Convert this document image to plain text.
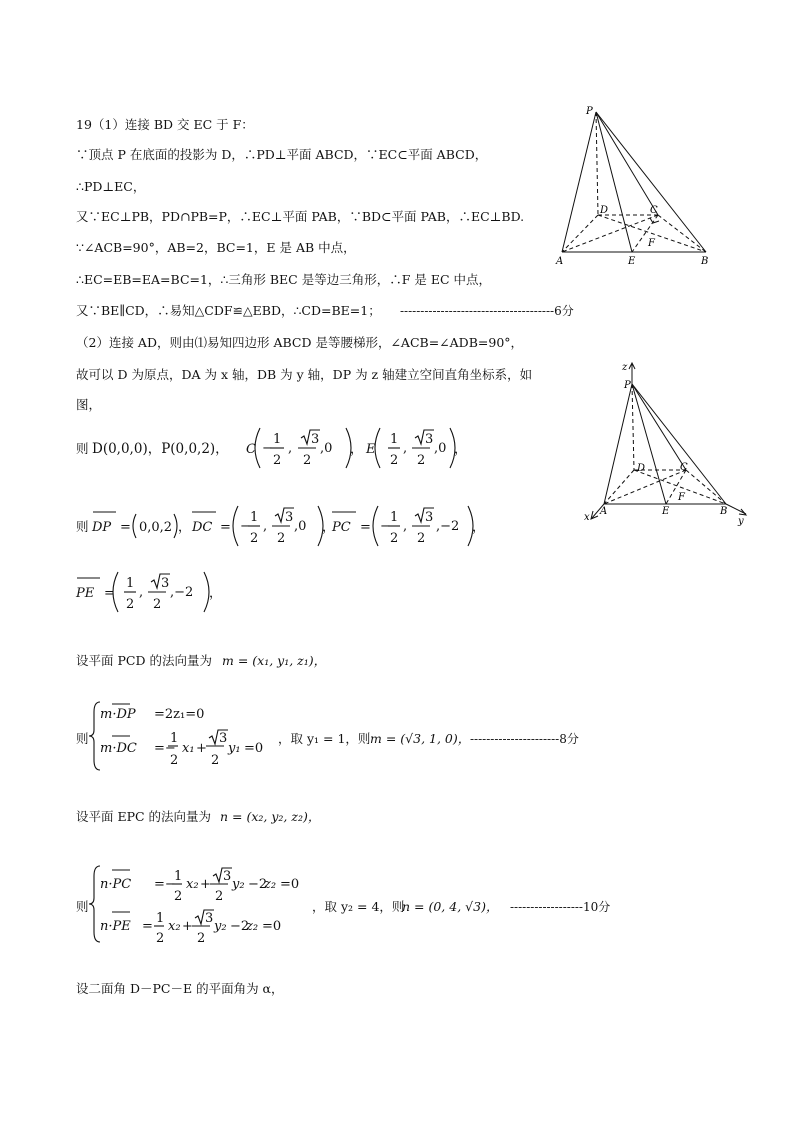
19（1）连接 BD 交 EC 于 F：
∵顶点 P 在底面的投影为 D，∴PD⊥平面 ABCD，∵EC⊂平面 ABCD，
∴PD⊥EC，
又∵EC⊥PB，PD∩PB=P，∴EC⊥平面 PAB，∵BD⊂平面 PAB，∴EC⊥BD.
∵∠ACB=90°，AB=2，BC=1，E 是 AB 中点，
∴EC=EB=EA=BC=1，∴三角形 BEC 是等边三角形，∴F 是 EC 中点，
又∵BE∥CD，∴易知△CDF≌△EBD，∴CD=BE=1； --------------------------------------6分
（2）连接 AD，则由⑴易知四边形 ABCD 是等腰梯形，∠ACB=∠ADB=90°，
故可以 D 为原点，DA 为 x 轴，DB 为 y 轴，DP 为 z 轴建立空间直角坐标系，如
图，
则 D(0,0,0)，P(0,0,2)， C −
1
2
,
3
2
,0 ， E
1
2
,
3
2
,0 ，
则 DP = 0,0,2 ， DC = −
1
2
,
3
2
,0 ，
PC = −
1
2
,
3
2
,−2 ，
PE =
1
2
,
3
2
,−2 ，
设平面 PCD 的法向量为 m = (x₁, y₁, z₁)，
则
m·DP =2z₁=0
m·DC =−
1
2
x₁ +
3
2
y₁ =0
，取 y₁ = 1，则 m = (√3, 1, 0)， ----------------------8分
设平面 EPC 的法向量为 n = (x₂, y₂, z₂)，
则
n·PC =−
1
2
x₂ +
3
2
y₂ −2
z₂ =0
n·PE =
1
2
x₂ +
3
2
y₂ −2
z₂ =0
，取 y₂ = 4，则
n = (0, 4, √3)， ------------------10分
设二面角 D－PC－E 的平面角为 α，
P
D	C
F
A	E	B
z
P
D	C
F
x
A	E	B
y
